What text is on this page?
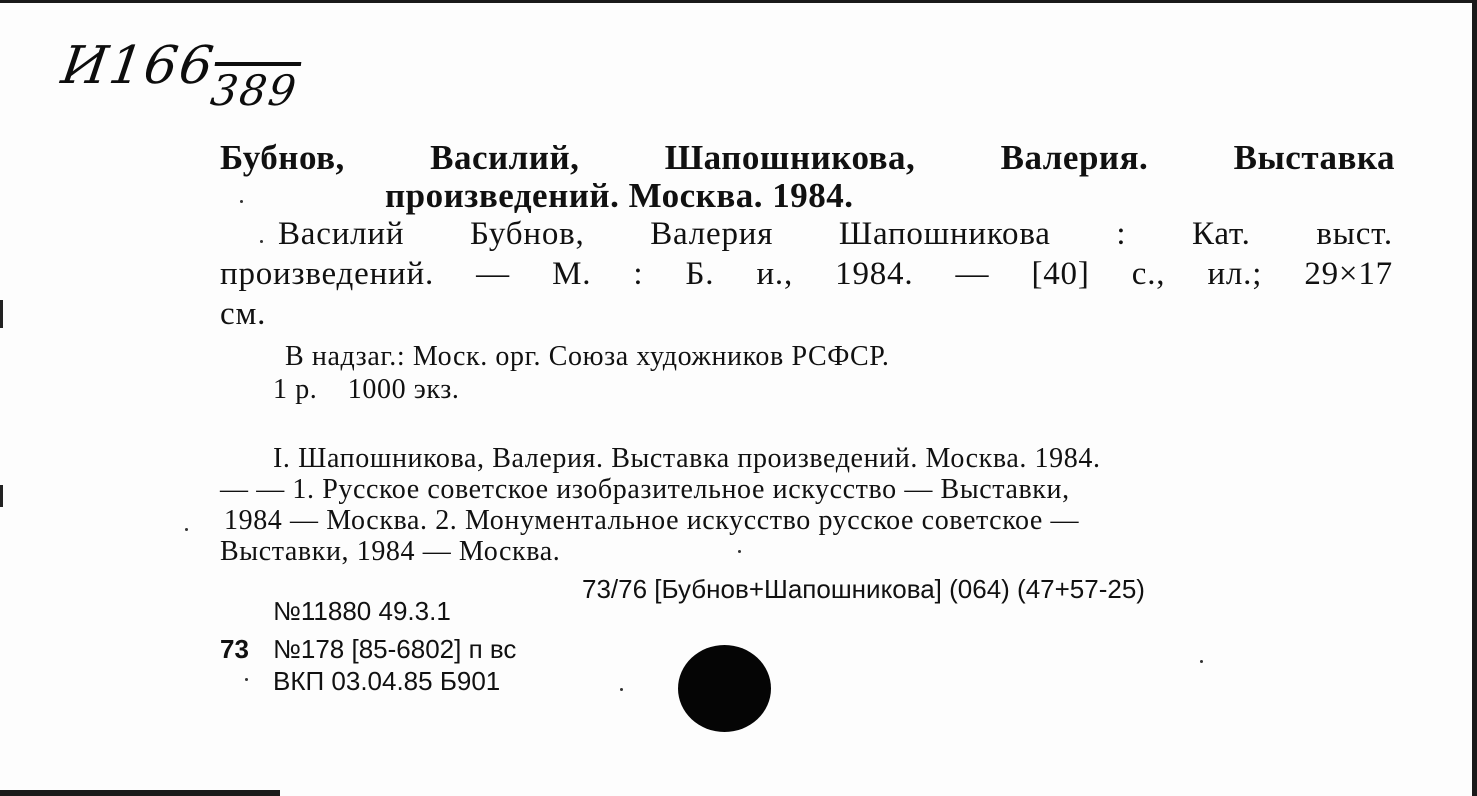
$И166_{389}$
Бубнов, Василий, Шапошникова, Валерия. Выставка
произведений. Москва. 1984.
Василий Бубнов, Валерия Шапошникова : Кат. выст.
произведений. — М. : Б. и., 1984. — [40] с., ил.; 29×17
см.
В надзаг.: Моск. орг. Союза художников РСФСР.
1 р.    1000 экз.
I. Шапошникова, Валерия. Выставка произведений. Москва. 1984.
— — 1. Русское советское изобразительное искусство — Выставки,
1984 — Москва. 2. Монументальное искусство русское советское —
Выставки, 1984 — Москва.
73/76 [Бубнов+Шапошникова] (064) (47+57-25)
№11880 49.3.1
73 №178 [85-6802] п вс
ВКП 03.04.85 Б901
